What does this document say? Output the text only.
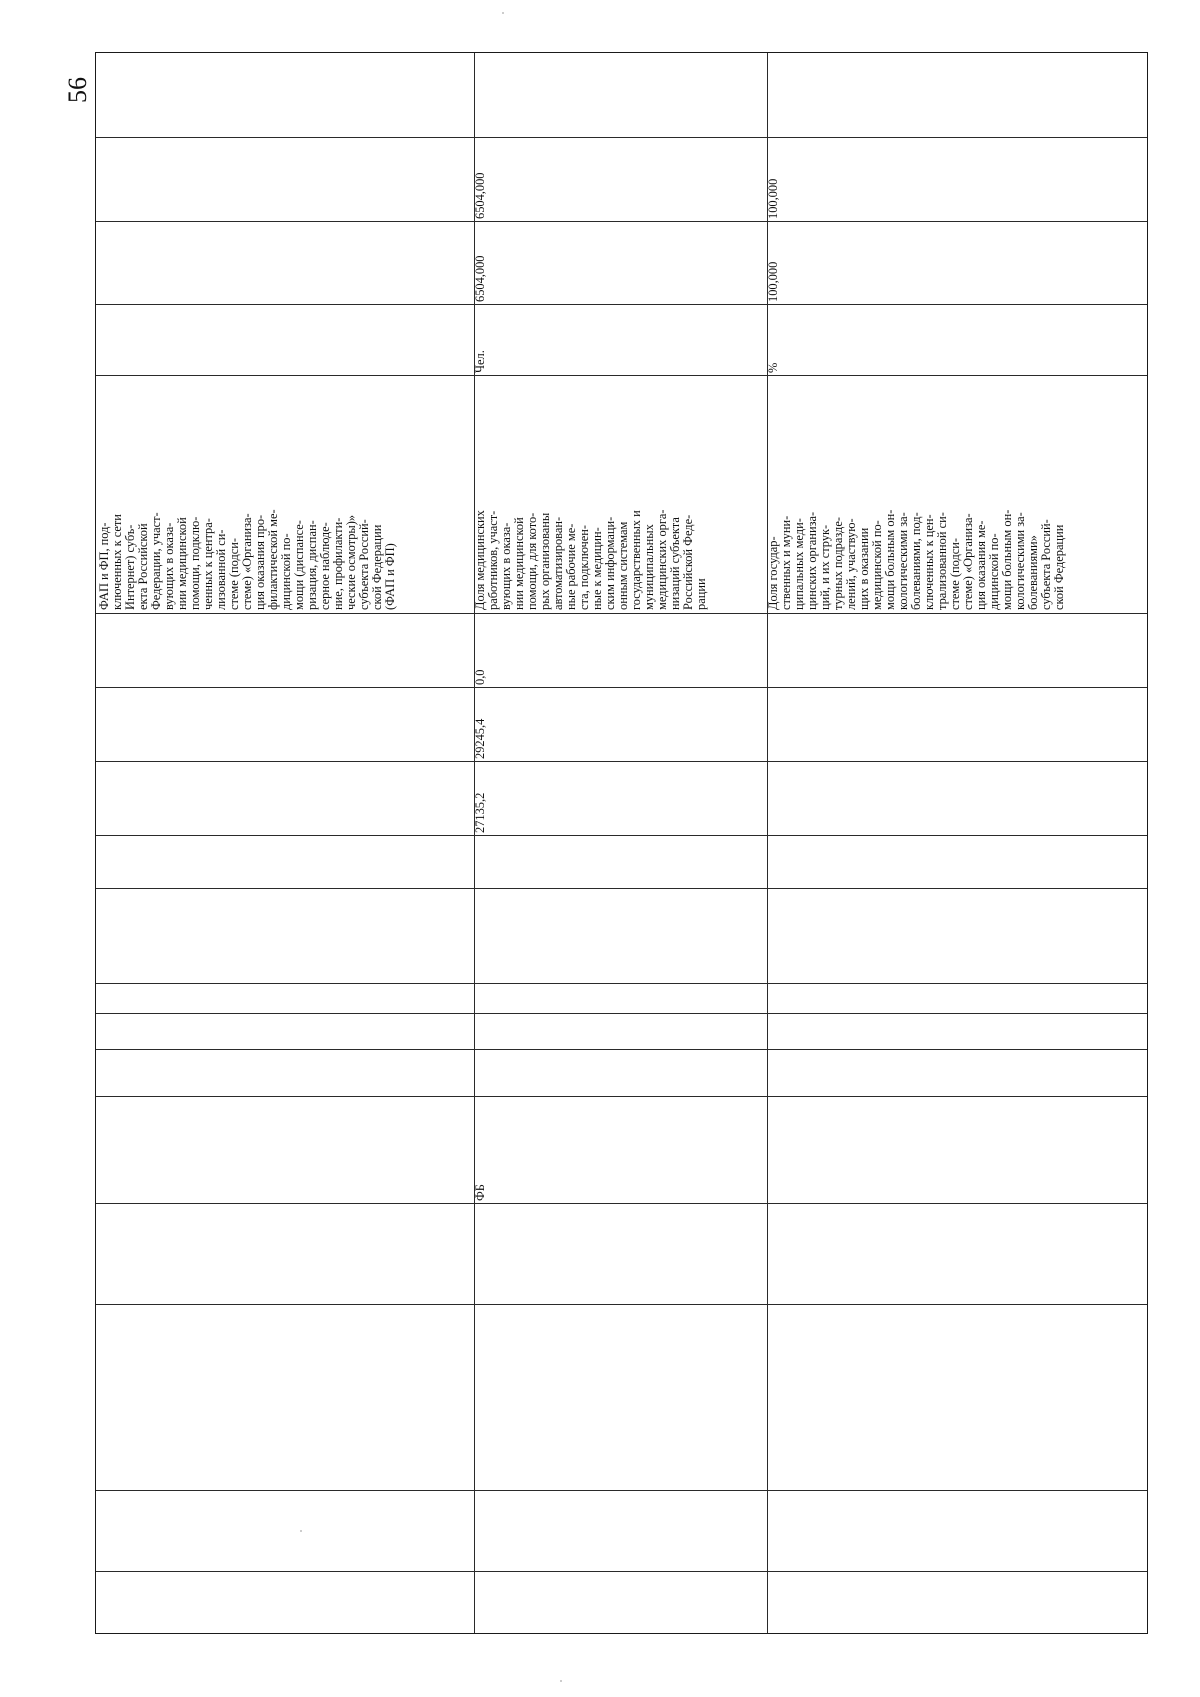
56
ФАП и ФП, под-
ключенных к сети
Интернет) субъ-
екта Российской
Федерации, участ-
вующих в оказа-
нии медицинской
помощи, подклю-
ченных к центра-
лизованной си-
стеме (подси-
стеме) «Организа-
ция оказания про-
филактической ме-
дицинской по-
мощи (диспансе-
ризация, диспан-
серное наблюде-
ние, профилакти-
ческие осмотры)»
субъекта Россий-
ской Федерации
(ФАП и ФП)
Доля медицинских
работников, участ-
вующих в оказа-
нии медицинской
помощи, для кото-
рых организованы
автоматизирован-
ные рабочие ме-
ста, подключен-
ные к медицин-
ским информаци-
онным системам
государственных и
муниципальных
медицинских орга-
низаций субъекта
Российской Феде-
рации
Чел.
6504,000
6504,000
0,0
29245,4
27135,2
ФБ
Доля государ-
ственных и муни-
ципальных меди-
цинских организа-
ций, и их струк-
турных подразде-
лений, участвую-
щих в оказании
медицинской по-
мощи больным он-
кологическими за-
болеваниями, под-
ключенных к цен-
трализованной си-
стеме (подси-
стеме) «Организа-
ция оказания ме-
дицинской по-
мощи больным он-
кологическими за-
болеваниями»
субъекта Россий-
ской Федерации
%
100,000
100,000
